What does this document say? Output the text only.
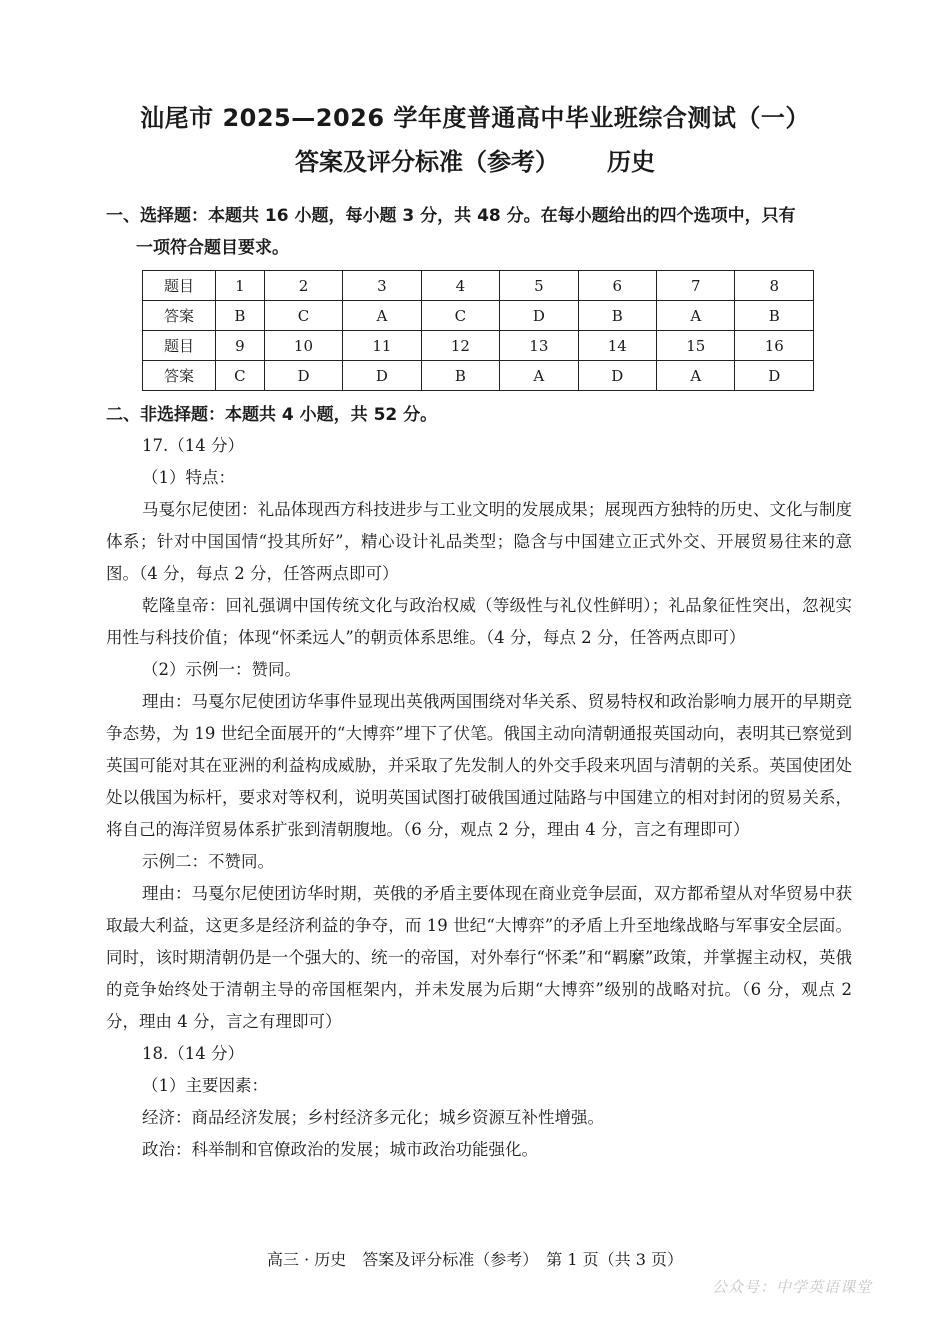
汕尾市 2025—2026 学年度普通高中毕业班综合测试（一）
答案及评分标准（参考） 历史
一、选择题：本题共 16 小题，每小题 3 分，共 48 分。在每小题给出的四个选项中，只有
一项符合题目要求。
题目	1	2	3	4	5	6	7	8
答案	B	C	A	C	D	B	A	B
题目	9	10	11	12	13	14	15	16
答案	C	D	D	B	A	D	A	D
二、非选择题：本题共 4 小题，共 52 分。

17.（14 分）

（1）特点：

马戛尔尼使团：礼品体现西方科技进步与工业文明的发展成果；展现西方独特的历史、文化与制度体系；针对中国国情“投其所好”，精心设计礼品类型；隐含与中国建立正式外交、开展贸易往来的意图。（4 分，每点 2 分，任答两点即可）

乾隆皇帝：回礼强调中国传统文化与政治权威（等级性与礼仪性鲜明）；礼品象征性突出，忽视实用性与科技价值；体现“怀柔远人”的朝贡体系思维。（4 分，每点 2 分，任答两点即可）

（2）示例一：赞同。

理由：马戛尔尼使团访华事件显现出英俄两国围绕对华关系、贸易特权和政治影响力展开的早期竞争态势，为 19 世纪全面展开的“大博弈”埋下了伏笔。俄国主动向清朝通报英国动向，表明其已察觉到英国可能对其在亚洲的利益构成威胁，并采取了先发制人的外交手段来巩固与清朝的关系。英国使团处处以俄国为标杆，要求对等权利，说明英国试图打破俄国通过陆路与中国建立的相对封闭的贸易关系，将自己的海洋贸易体系扩张到清朝腹地。（6 分，观点 2 分，理由 4 分，言之有理即可）

示例二：不赞同。

理由：马戛尔尼使团访华时期，英俄的矛盾主要体现在商业竞争层面，双方都希望从对华贸易中获取最大利益，这更多是经济利益的争夺，而 19 世纪“大博弈”的矛盾上升至地缘战略与军事安全层面。同时，该时期清朝仍是一个强大的、统一的帝国，对外奉行“怀柔”和“羁縻”政策，并掌握主动权，英俄的竞争始终处于清朝主导的帝国框架内，并未发展为后期“大博弈”级别的战略对抗。（6 分，观点 2 分，理由 4 分，言之有理即可）

18.（14 分）

（1）主要因素：

经济：商品经济发展；乡村经济多元化；城乡资源互补性增强。

政治：科举制和官僚政治的发展；城市政治功能强化。

高三 · 历史　答案及评分标准（参考）　第 1 页（共 3 页）
公众号：中学英语课堂
